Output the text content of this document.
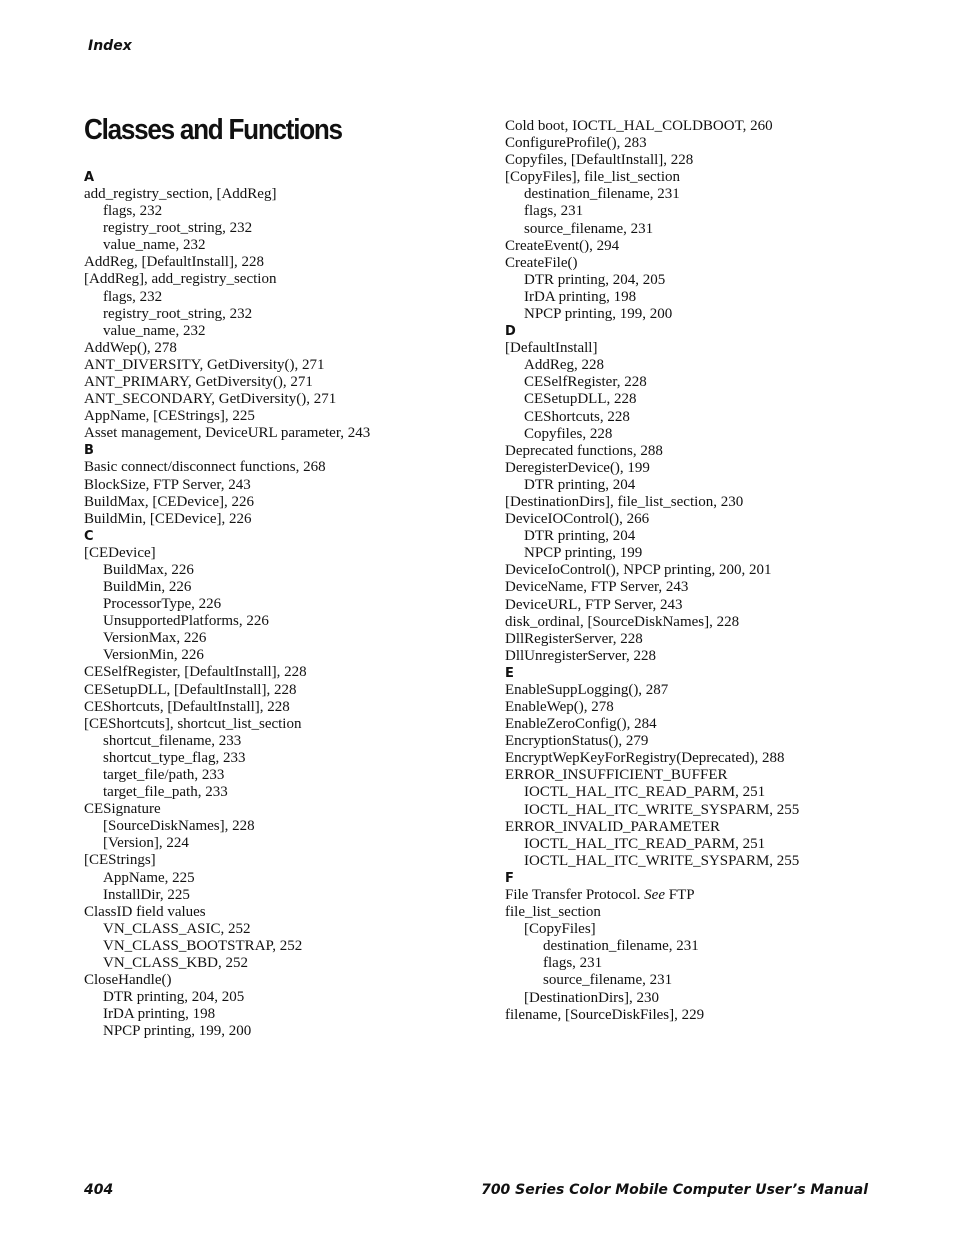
Index
Classes and Functions
A
add_registry_section, [AddReg]
flags, 232
registry_root_string, 232
value_name, 232
AddReg, [DefaultInstall], 228
[AddReg], add_registry_section
flags, 232
registry_root_string, 232
value_name, 232
AddWep(), 278
ANT_DIVERSITY, GetDiversity(), 271
ANT_PRIMARY, GetDiversity(), 271
ANT_SECONDARY, GetDiversity(), 271
AppName, [CEStrings], 225
Asset management, DeviceURL parameter, 243
B
Basic connect/disconnect functions, 268
BlockSize, FTP Server, 243
BuildMax, [CEDevice], 226
BuildMin, [CEDevice], 226
C
[CEDevice]
BuildMax, 226
BuildMin, 226
ProcessorType, 226
UnsupportedPlatforms, 226
VersionMax, 226
VersionMin, 226
CESelfRegister, [DefaultInstall], 228
CESetupDLL, [DefaultInstall], 228
CEShortcuts, [DefaultInstall], 228
[CEShortcuts], shortcut_list_section
shortcut_filename, 233
shortcut_type_flag, 233
target_file/path, 233
target_file_path, 233
CESignature
[SourceDiskNames], 228
[Version], 224
[CEStrings]
AppName, 225
InstallDir, 225
ClassID field values
VN_CLASS_ASIC, 252
VN_CLASS_BOOTSTRAP, 252
VN_CLASS_KBD, 252
CloseHandle()
DTR printing, 204, 205
IrDA printing, 198
NPCP printing, 199, 200
Cold boot, IOCTL_HAL_COLDBOOT, 260
ConfigureProfile(), 283
Copyfiles, [DefaultInstall], 228
[CopyFiles], file_list_section
destination_filename, 231
flags, 231
source_filename, 231
CreateEvent(), 294
CreateFile()
DTR printing, 204, 205
IrDA printing, 198
NPCP printing, 199, 200
D
[DefaultInstall]
AddReg, 228
CESelfRegister, 228
CESetupDLL, 228
CEShortcuts, 228
Copyfiles, 228
Deprecated functions, 288
DeregisterDevice(), 199
DTR printing, 204
[DestinationDirs], file_list_section, 230
DeviceIOControl(), 266
DTR printing, 204
NPCP printing, 199
DeviceIoControl(), NPCP printing, 200, 201
DeviceName, FTP Server, 243
DeviceURL, FTP Server, 243
disk_ordinal, [SourceDiskNames], 228
DllRegisterServer, 228
DllUnregisterServer, 228
E
EnableSuppLogging(), 287
EnableWep(), 278
EnableZeroConfig(), 284
EncryptionStatus(), 279
EncryptWepKeyForRegistry(Deprecated), 288
ERROR_INSUFFICIENT_BUFFER
IOCTL_HAL_ITC_READ_PARM, 251
IOCTL_HAL_ITC_WRITE_SYSPARM, 255
ERROR_INVALID_PARAMETER
IOCTL_HAL_ITC_READ_PARM, 251
IOCTL_HAL_ITC_WRITE_SYSPARM, 255
F
File Transfer Protocol. See FTP
file_list_section
[CopyFiles]
destination_filename, 231
flags, 231
source_filename, 231
[DestinationDirs], 230
filename, [SourceDiskFiles], 229
404	700 Series Color Mobile Computer User’s Manual
